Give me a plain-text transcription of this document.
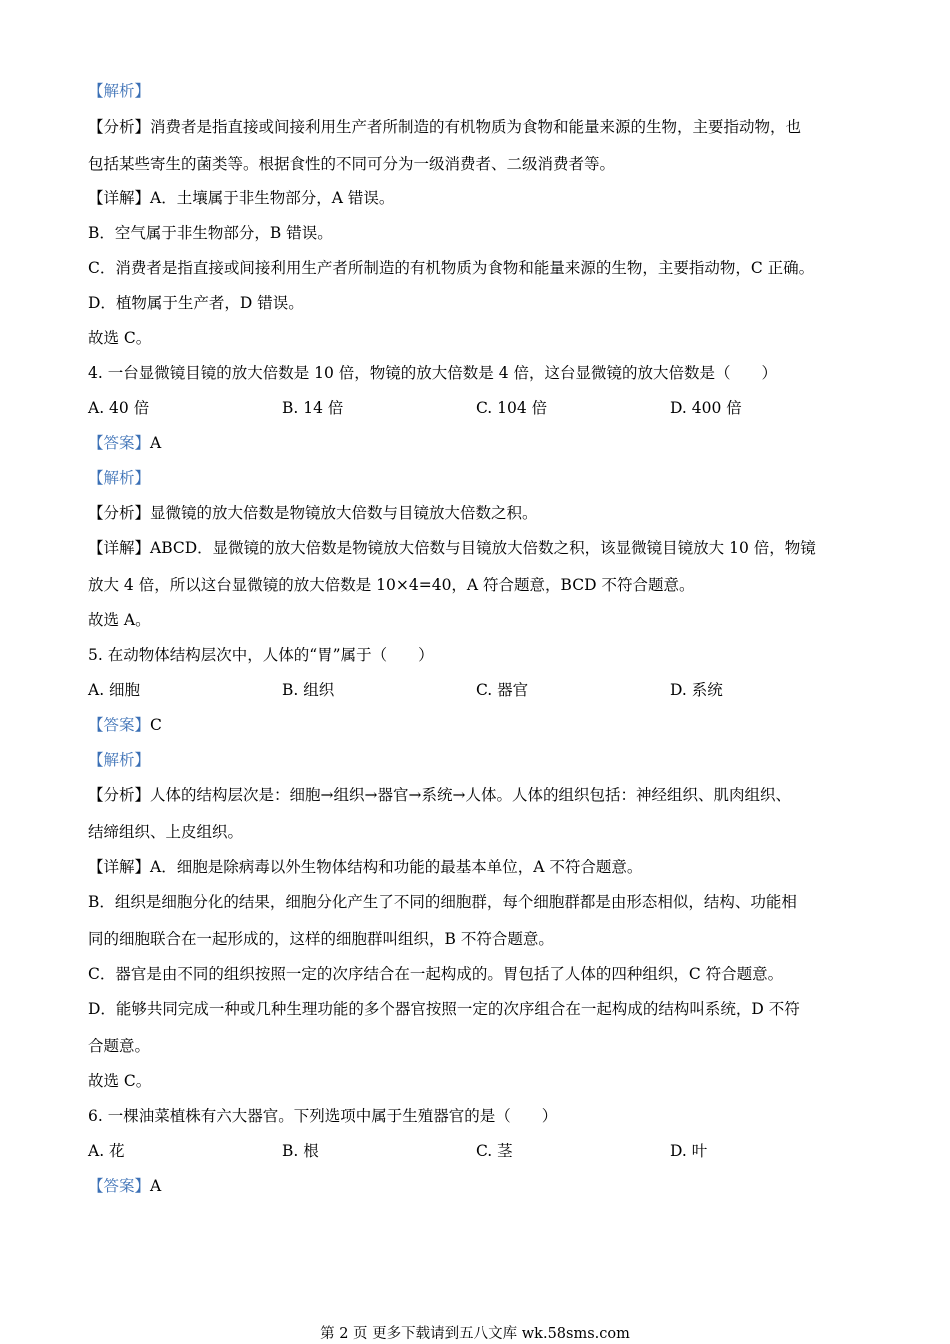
【解析】
【分析】消费者是指直接或间接利用生产者所制造的有机物质为食物和能量来源的生物，主要指动物，也
包括某些寄生的菌类等。根据食性的不同可分为一级消费者、二级消费者等。
【详解】A．土壤属于非生物部分，A 错误。
B．空气属于非生物部分，B 错误。
C．消费者是指直接或间接利用生产者所制造的有机物质为食物和能量来源的生物，主要指动物，C 正确。
D．植物属于生产者，D 错误。
故选 C。
4. 一台显微镜目镜的放大倍数是 10 倍，物镜的放大倍数是 4 倍，这台显微镜的放大倍数是（　　）
A. 40 倍	B. 14 倍	C. 104 倍	D. 400 倍
【答案】A
【解析】
【分析】显微镜的放大倍数是物镜放大倍数与目镜放大倍数之积。
【详解】ABCD．显微镜的放大倍数是物镜放大倍数与目镜放大倍数之积，该显微镜目镜放大 10 倍，物镜
放大 4 倍，所以这台显微镜的放大倍数是 10×4=40，A 符合题意，BCD 不符合题意。
故选 A。
5. 在动物体结构层次中，人体的“胃”属于（　　）
A. 细胞	B. 组织	C. 器官	D. 系统
【答案】C
【解析】
【分析】人体的结构层次是：细胞→组织→器官→系统→人体。人体的组织包括：神经组织、肌肉组织、
结缔组织、上皮组织。
【详解】A．细胞是除病毒以外生物体结构和功能的最基本单位，A 不符合题意。
B．组织是细胞分化的结果，细胞分化产生了不同的细胞群，每个细胞群都是由形态相似，结构、功能相
同的细胞联合在一起形成的，这样的细胞群叫组织，B 不符合题意。
C．器官是由不同的组织按照一定的次序结合在一起构成的。胃包括了人体的四种组织，C 符合题意。
D．能够共同完成一种或几种生理功能的多个器官按照一定的次序组合在一起构成的结构叫系统，D 不符
合题意。
故选 C。
6. 一棵油菜植株有六大器官。下列选项中属于生殖器官的是（　　）
A. 花	B. 根	C. 茎	D. 叶
【答案】A
第 2 页 更多下载请到五八文库 wk.58sms.com
